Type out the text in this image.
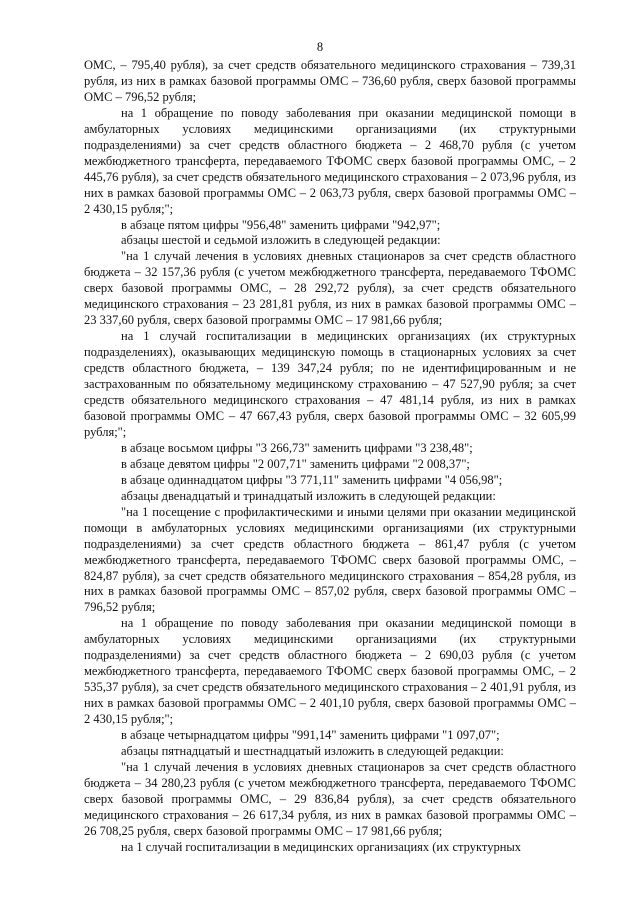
8

ОМС, – 795,40 рубля), за счет средств обязательного медицинского страхования – 739,31 рубля, из них в рамках базовой программы ОМС – 736,60 рубля, сверх базовой программы ОМС – 796,52 рубля;

на 1 обращение по поводу заболевания при оказании медицинской помощи в амбулаторных условиях медицинскими организациями (их структурными подразделениями) за счет средств областного бюджета – 2 468,70 рубля (с учетом межбюджетного трансферта, передаваемого ТФОМС сверх базовой программы ОМС, – 2 445,76 рубля), за счет средств обязательного медицинского страхования – 2 073,96 рубля, из них в рамках базовой программы ОМС – 2 063,73 рубля, сверх базовой программы ОМС – 2 430,15 рубля;";

в абзаце пятом цифры "956,48" заменить цифрами "942,97";

абзацы шестой и седьмой изложить в следующей редакции:

"на 1 случай лечения в условиях дневных стационаров за счет средств областного бюджета – 32 157,36 рубля (с учетом межбюджетного трансферта, передаваемого ТФОМС сверх базовой программы ОМС, – 28 292,72 рубля), за счет средств обязательного медицинского страхования – 23 281,81 рубля, из них в рамках базовой программы ОМС – 23 337,60 рубля, сверх базовой программы ОМС – 17 981,66 рубля;

на 1 случай госпитализации в медицинских организациях (их структурных подразделениях), оказывающих медицинскую помощь в стационарных условиях за счет средств областного бюджета, – 139 347,24 рубля; по не идентифицированным и не застрахованным по обязательному медицинскому страхованию – 47 527,90 рубля; за счет средств обязательного медицинского страхования – 47 481,14 рубля, из них в рамках базовой программы ОМС – 47 667,43 рубля, сверх базовой программы ОМС – 32 605,99 рубля;";

в абзаце восьмом цифры "3 266,73" заменить цифрами "3 238,48";

в абзаце девятом цифры "2 007,71" заменить цифрами "2 008,37";

в абзаце одиннадцатом цифры "3 771,11" заменить цифрами "4 056,98";

абзацы двенадцатый и тринадцатый изложить в следующей редакции:

"на 1 посещение с профилактическими и иными целями при оказании медицинской помощи в амбулаторных условиях медицинскими организациями (их структурными подразделениями) за счет средств областного бюджета – 861,47 рубля (с учетом межбюджетного трансферта, передаваемого ТФОМС сверх базовой программы ОМС, – 824,87 рубля), за счет средств обязательного медицинского страхования – 854,28 рубля, из них в рамках базовой программы ОМС – 857,02 рубля, сверх базовой программы ОМС – 796,52 рубля;

на 1 обращение по поводу заболевания при оказании медицинской помощи в амбулаторных условиях медицинскими организациями (их структурными подразделениями) за счет средств областного бюджета – 2 690,03 рубля (с учетом межбюджетного трансферта, передаваемого ТФОМС сверх базовой программы ОМС, – 2 535,37 рубля), за счет средств обязательного медицинского страхования – 2 401,91 рубля, из них в рамках базовой программы ОМС – 2 401,10 рубля, сверх базовой программы ОМС – 2 430,15 рубля;";

в абзаце четырнадцатом цифры "991,14" заменить цифрами "1 097,07";

абзацы пятнадцатый и шестнадцатый изложить в следующей редакции:

"на 1 случай лечения в условиях дневных стационаров за счет средств областного бюджета – 34 280,23 рубля (с учетом межбюджетного трансферта, передаваемого ТФОМС сверх базовой программы ОМС, – 29 836,84 рубля), за счет средств обязательного медицинского страхования – 26 617,34 рубля, из них в рамках базовой программы ОМС – 26 708,25 рубля, сверх базовой программы ОМС – 17 981,66 рубля;

на 1 случай госпитализации в медицинских организациях (их структурных
